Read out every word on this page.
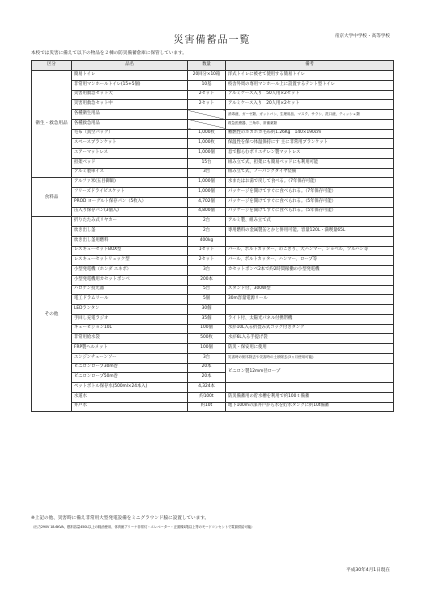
災害備蓄品一覧	帝京大学中学校・高等学校
本校では災害に備えて以下の物品を２棟の防災備蓄倉庫に保管しています。
区分	品名	数量	備考
衛生・救急用品	簡易トイレ	20回分×10箱	洋式トイレに被せて使用する簡易トイレ
	非常用マンホールトイレ(15+5個)	10基	校舎外周の専用マンホール上に設置するテント型トイレ
	災害用救急セット大	2セット	アルミケース入り　50人用×2セット
	災害用救急セット中	2セット	アルミケース入り　20人用×2セット
	各種衛生用品		消毒液、ガーゼ類、ガットバン、生理用品、マスク、サラシ、洗口液、ティッシュ類
	各種救急用品		救急医療器、三角巾、常備薬類
	毛布（真空パック）	1,000枚	難燃性のホカホカ毛布約1.26Kg　140×190cm
	スペースブランケット	1,000枚	保温性を保つ体温保持にす 主に非常用ブランケット
	エアーマットレス	1,000個	息で膨らむポリエチレン製マットレス
	担架ベッド	15台	組み立て式、担架にも簡易ベッドにも利用可能
	アルミ製車イス	3台	組み立て式、ノーパンクタイヤ装備
食料品	アルファ米(五目御飯)	1,000個	水またはお湯で戻して食べる。（7年保存可能）
	フリーズドライビスケット	1,000個	パッケージを開けてすぐに食べられる。（7年保存可能）
	PROD ヨーグルト保存パン（5枚入）	4,702個	パッケージを開けてすぐに食べられる。（5年保存可能）
	缶入り保存パン(3個入)	4,800個	パッケージを開けてすぐに食べられる。（5年保存可能）
その他	折りたたみ式リヤカー	2台	アルミ製、組み立て式
	炊き出し釜	2台	専用燃料の金属製缶とかと併用可能。容量120L・満喫量65L
	炊き出し釜用燃料	400kg	
	レスキューセットBOX型	1セット	バール、ボルトカッター、のこぎり、大ハンマー、ショベル、ツルハシ等
	レスキューセットリュック型	2セット	バール、ボルトカッター、ハンマー、ロープ等
	小型発電機（ホンダ エネポ）	3台	カセットボンベ2本で約2時間稼働の小型発電機
	小型発電機用カセットボンベ	200本	
	ハロゲン投光器	5台	スタンド付、300W型
	電工ドラムリール	5個	30m容量電源リール
	LEDランタン	30個	
	手回し充電ラジオ	35個	ライト付、太陽光パネル付携帯機
	キュービジョン10L	100個	水が10L入る折畳み式コック付きタンク
	非常用給水袋	500枚	水が6L入る手提げ袋
	FRP製ヘルメット	100個	防災・保安用に使用
	エンジンチェーンソー	3台	災害時の倒木除去や災害時の土砂除去(3ヵ月使用可能)
	ビニロンロープ30m巻	20本	ビニロン製12mm径ロープ
	ビニロンロープ50m巻	20本	
	ペットボトル保存水(500ml×24本入)	4,324本	
	水道水	約100t	防災備蓄用の貯水槽を利用で約100ｔ備蓄
	井戸水	約10t	地下100mの深井戸から水を貯水タンクに約10t備蓄
※上記の他、災害時に備え非常用大型発電設備をミニグラウンド脇に設置しています。
（出力290V 18.6KVA、燃料容量450L以上の軽油使用、体育館アリーナ非常灯・エレベーター・正面棟1階以上等のモードコンセントで電源供給可能）
平成30年4月1日現在
